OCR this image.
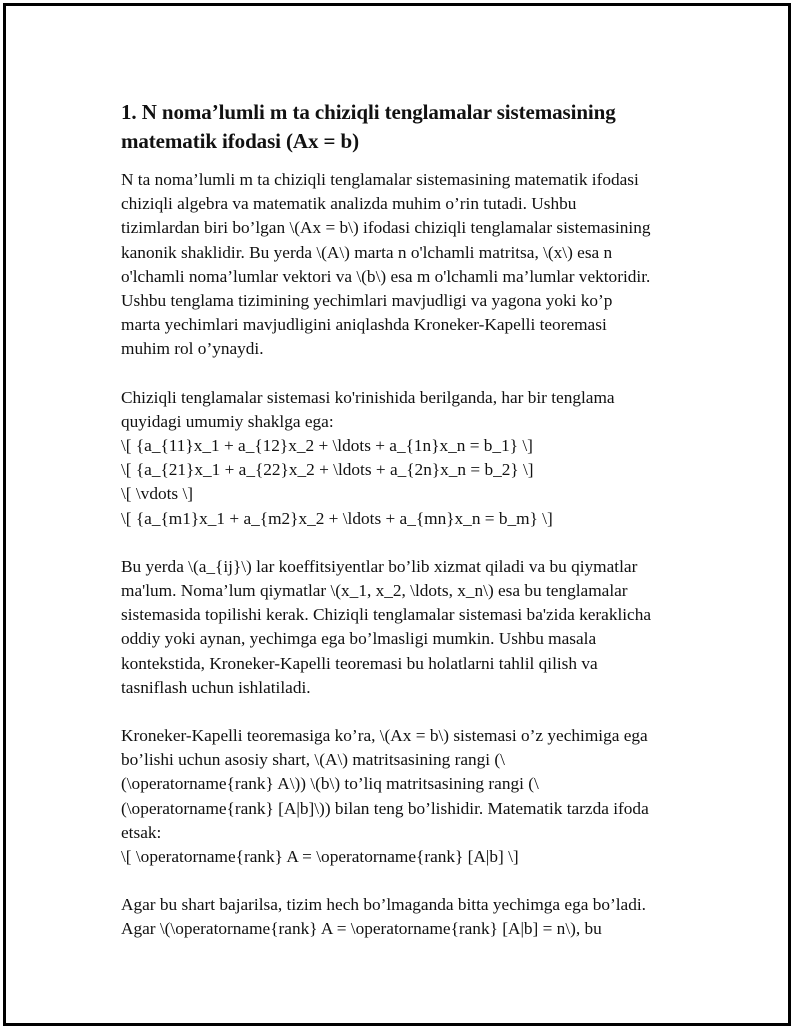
1. N noma’lumli m ta chiziqli tenglamalar sistemasining
matematik ifodasi (Ax = b)

N ta noma’lumli m ta chiziqli tenglamalar sistemasining matematik ifodasi
chiziqli algebra va matematik analizda muhim o’rin tutadi. Ushbu
tizimlardan biri bo’lgan \(Ax = b\) ifodasi chiziqli tenglamalar sistemasining
kanonik shaklidir. Bu yerda \(A\) marta n o'lchamli matritsa, \(x\) esa n
o'lchamli noma’lumlar vektori va \(b\) esa m o'lchamli ma’lumlar vektoridir.
Ushbu tenglama tizimining yechimlari mavjudligi va yagona yoki ko’p
marta yechimlari mavjudligini aniqlashda Kroneker-Kapelli teoremasi
muhim rol o’ynaydi.

Chiziqli tenglamalar sistemasi ko'rinishida berilganda, har bir tenglama
quyidagi umumiy shaklga ega:
\[ {a_{11}x_1 + a_{12}x_2 + \ldots + a_{1n}x_n = b_1} \]
\[ {a_{21}x_1 + a_{22}x_2 + \ldots + a_{2n}x_n = b_2} \]
\[ \vdots \]
\[ {a_{m1}x_1 + a_{m2}x_2 + \ldots + a_{mn}x_n = b_m} \]

Bu yerda \(a_{ij}\) lar koeffitsiyentlar bo’lib xizmat qiladi va bu qiymatlar
ma'lum. Noma’lum qiymatlar \(x_1, x_2, \ldots, x_n\) esa bu tenglamalar
sistemasida topilishi kerak. Chiziqli tenglamalar sistemasi ba'zida keraklicha
oddiy yoki aynan, yechimga ega bo’lmasligi mumkin. Ushbu masala
kontekstida, Kroneker-Kapelli teoremasi bu holatlarni tahlil qilish va
tasniflash uchun ishlatiladi.

Kroneker-Kapelli teoremasiga ko’ra, \(Ax = b\) sistemasi o’z yechimiga ega
bo’lishi uchun asosiy shart, \(A\) matritsasining rangi (\
(\operatorname{rank} A\)) \(b\) to’liq matritsasining rangi (\
(\operatorname{rank} [A|b]\)) bilan teng bo’lishidir. Matematik tarzda ifoda
etsak:
\[ \operatorname{rank} A = \operatorname{rank} [A|b] \]

Agar bu shart bajarilsa, tizim hech bo’lmaganda bitta yechimga ega bo’ladi.
Agar \(\operatorname{rank} A = \operatorname{rank} [A|b] = n\), bu
